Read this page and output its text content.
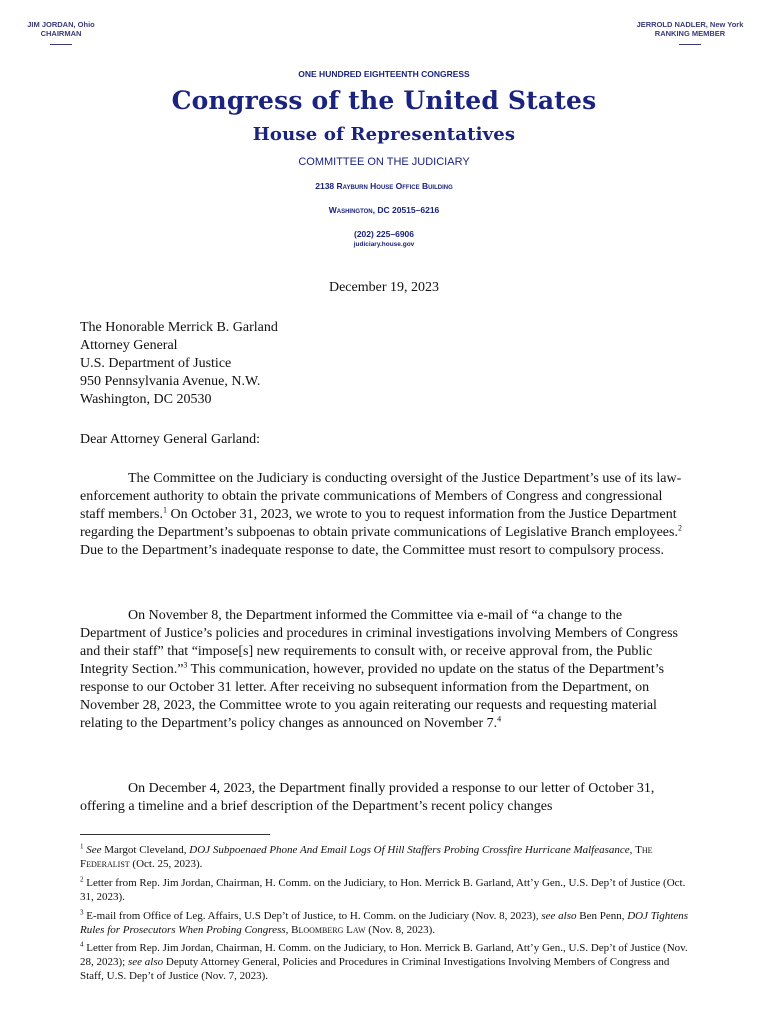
JIM JORDAN, Ohio
CHAIRMAN
JERROLD NADLER, New York
RANKING MEMBER
ONE HUNDRED EIGHTEENTH CONGRESS
Congress of the United States
House of Representatives
COMMITTEE ON THE JUDICIARY
2138 Rayburn House Office Building
Washington, DC 20515–6216
(202) 225–6906
judiciary.house.gov
December 19, 2023
The Honorable Merrick B. Garland
Attorney General
U.S. Department of Justice
950 Pennsylvania Avenue, N.W.
Washington, DC 20530
Dear Attorney General Garland:
The Committee on the Judiciary is conducting oversight of the Justice Department’s use of its law-enforcement authority to obtain the private communications of Members of Congress and congressional staff members.$^1$ On October 31, 2023, we wrote to you to request information from the Justice Department regarding the Department’s subpoenas to obtain private communications of Legislative Branch employees.$^2$ Due to the Department’s inadequate response to date, the Committee must resort to compulsory process.
On November 8, the Department informed the Committee via e-mail of “a change to the Department of Justice’s policies and procedures in criminal investigations involving Members of Congress and their staff” that “impose[s] new requirements to consult with, or receive approval from, the Public Integrity Section.”$^3$ This communication, however, provided no update on the status of the Department’s response to our October 31 letter. After receiving no subsequent information from the Department, on November 28, 2023, the Committee wrote to you again reiterating our requests and requesting material relating to the Department’s policy changes as announced on November 7.$^4$
On December 4, 2023, the Department finally provided a response to our letter of October 31, offering a timeline and a brief description of the Department’s recent policy changes
$^1$ See Margot Cleveland, DOJ Subpoenaed Phone And Email Logs Of Hill Staffers Probing Crossfire Hurricane Malfeasance, The Federalist (Oct. 25, 2023).
$^2$ Letter from Rep. Jim Jordan, Chairman, H. Comm. on the Judiciary, to Hon. Merrick B. Garland, Att’y Gen., U.S. Dep’t of Justice (Oct. 31, 2023).
$^3$ E-mail from Office of Leg. Affairs, U.S Dep’t of Justice, to H. Comm. on the Judiciary (Nov. 8, 2023), see also Ben Penn, DOJ Tightens Rules for Prosecutors When Probing Congress, Bloomberg Law (Nov. 8, 2023).
$^4$ Letter from Rep. Jim Jordan, Chairman, H. Comm. on the Judiciary, to Hon. Merrick B. Garland, Att’y Gen., U.S. Dep’t of Justice (Nov. 28, 2023); see also Deputy Attorney General, Policies and Procedures in Criminal Investigations Involving Members of Congress and Staff, U.S. Dep’t of Justice (Nov. 7, 2023).
